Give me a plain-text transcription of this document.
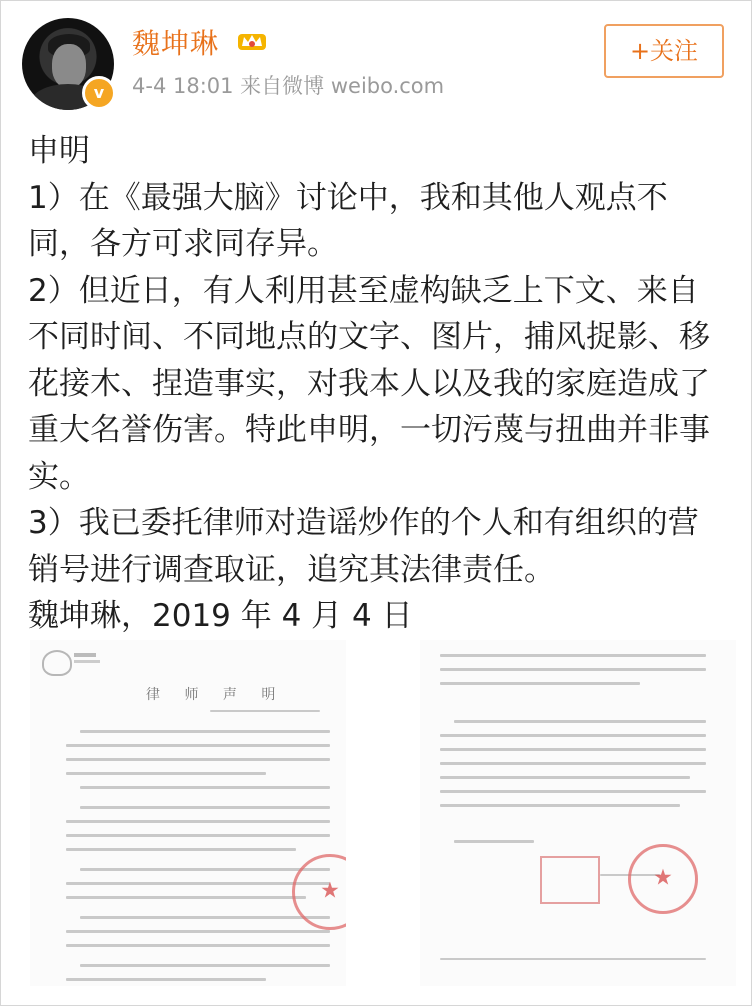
v
魏坤琳
4-4 18:01 来自微博 weibo.com
+关注

申明

1）在《最强大脑》讨论中，我和其他人观点不同，各方可求同存异。

2）但近日，有人利用甚至虚构缺乏上下文、来自不同时间、不同地点的文字、图片，捕风捉影、移花接木、捏造事实，对我本人以及我的家庭造成了重大名誉伤害。特此申明，一切污蔑与扭曲并非事实。

3）我已委托律师对造谣炒作的个人和有组织的营销号进行调查取证，追究其法律责任。

魏坤琳，2019 年 4 月 4 日

律 师 声 明
★
★
